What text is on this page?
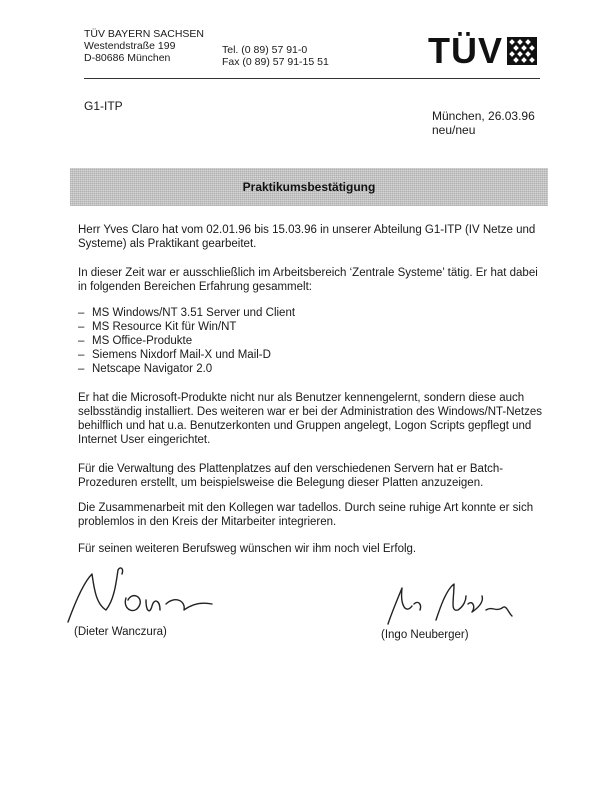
TÜV BAYERN SACHSEN
Westendstraße 199
D-80686 München
Tel. (0 89) 57 91-0
Fax (0 89) 57 91-15 51	TÜV
G1-ITP
München, 26.03.96
neu/neu
Praktikumsbestätigung
Herr Yves Claro hat vom 02.01.96 bis 15.03.96 in unserer Abteilung G1-ITP (IV Netze und Systeme) als Praktikant gearbeitet.
In dieser Zeit war er ausschließlich im Arbeitsbereich ‘Zentrale Systeme’ tätig. Er hat dabei in folgenden Bereichen Erfahrung gesammelt:
– MS Windows/NT 3.51 Server und Client
– MS Resource Kit für Win/NT
– MS Office-Produkte
– Siemens Nixdorf Mail-X und Mail-D
– Netscape Navigator 2.0
Er hat die Microsoft-Produkte nicht nur als Benutzer kennengelernt, sondern diese auch selbsständig installiert. Des weiteren war er bei der Administration des Windows/NT-Netzes behilflich und hat u.a. Benutzerkonten und Gruppen angelegt, Logon Scripts gepflegt und Internet User eingerichtet.
Für die Verwaltung des Plattenplatzes auf den verschiedenen Servern hat er Batch-Prozeduren erstellt, um beispielsweise die Belegung dieser Platten anzuzeigen.
Die Zusammenarbeit mit den Kollegen war tadellos. Durch seine ruhige Art konnte er sich problemlos in den Kreis der Mitarbeiter integrieren.
Für seinen weiteren Berufsweg wünschen wir ihm noch viel Erfolg.
(Dieter Wanczura)	(Ingo Neuberger)
